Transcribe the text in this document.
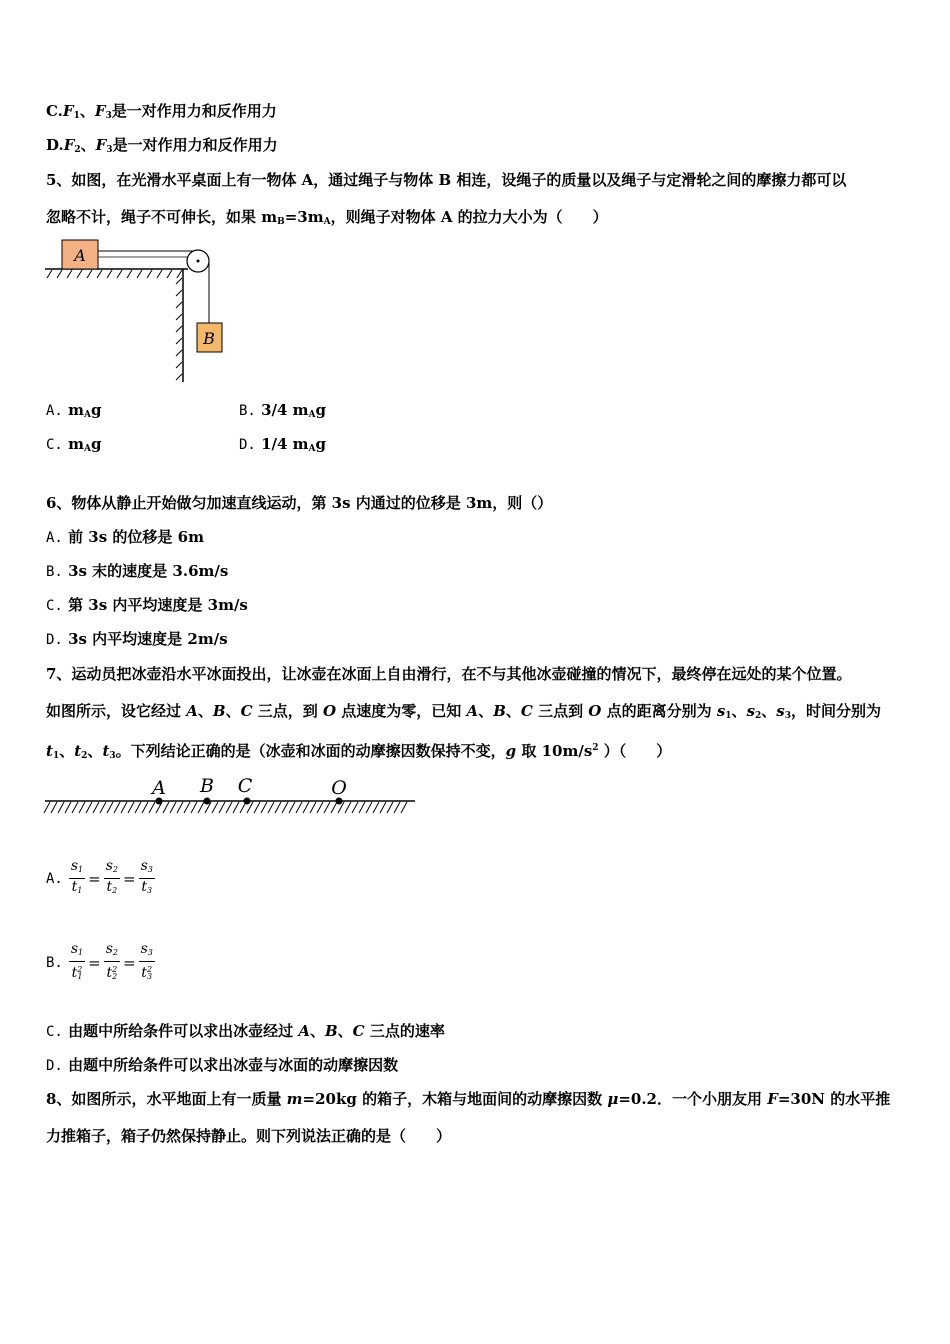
$C.F_1$、$F_3$是一对作用力和反作用力
$D.F_2$、$F_3$是一对作用力和反作用力
5、如图，在光滑水平桌面上有一物体 A，通过绳子与物体 B 相连，设绳子的质量以及绳子与定滑轮之间的摩擦力都可以
忽略不计，绳子不可伸长，如果 $m_B=3m_A$，则绳子对物体 A 的拉力大小为（　　）
A
B
A. $m_Ag$	B. 3/4 $m_Ag$
C. $m_Ag$	D. 1/4 $m_Ag$
6、物体从静止开始做匀加速直线运动，第 3s 内通过的位移是 3m，则（）
A. 前 3s 的位移是 6m
B. 3s 末的速度是 3.6m/s
C. 第 3s 内平均速度是 3m/s
D. 3s 内平均速度是 2m/s
7、运动员把冰壶沿水平冰面投出，让冰壶在冰面上自由滑行，在不与其他冰壶碰撞的情况下，最终停在远处的某个位置。
如图所示，设它经过 A、B、C 三点，到 O 点速度为零，已知 A、B、C 三点到 O 点的距离分别为 $s_1$、$s_2$、$s_3$，时间分别为
$t_1$、$t_2$、$t_3$。下列结论正确的是（冰壶和冰面的动摩擦因数保持不变，g 取 $10m/s^2$ ）（　　）
A B C	O
A. $\frac{s_1}{t_1} = \frac{s_2}{t_2} = \frac{s_3}{t_3}$
B. $\frac{s_1}{t^2_1} = \frac{s_2}{t^2_2} = \frac{s_3}{t^2_3}$
C. 由题中所给条件可以求出冰壶经过 A、B、C 三点的速率
D. 由题中所给条件可以求出冰壶与冰面的动摩擦因数
8、如图所示，水平地面上有一质量 m=20kg 的箱子，木箱与地面间的动摩擦因数 μ=0.2．一个小朋友用 F=30N 的水平推
力推箱子，箱子仍然保持静止。则下列说法正确的是（　　）
